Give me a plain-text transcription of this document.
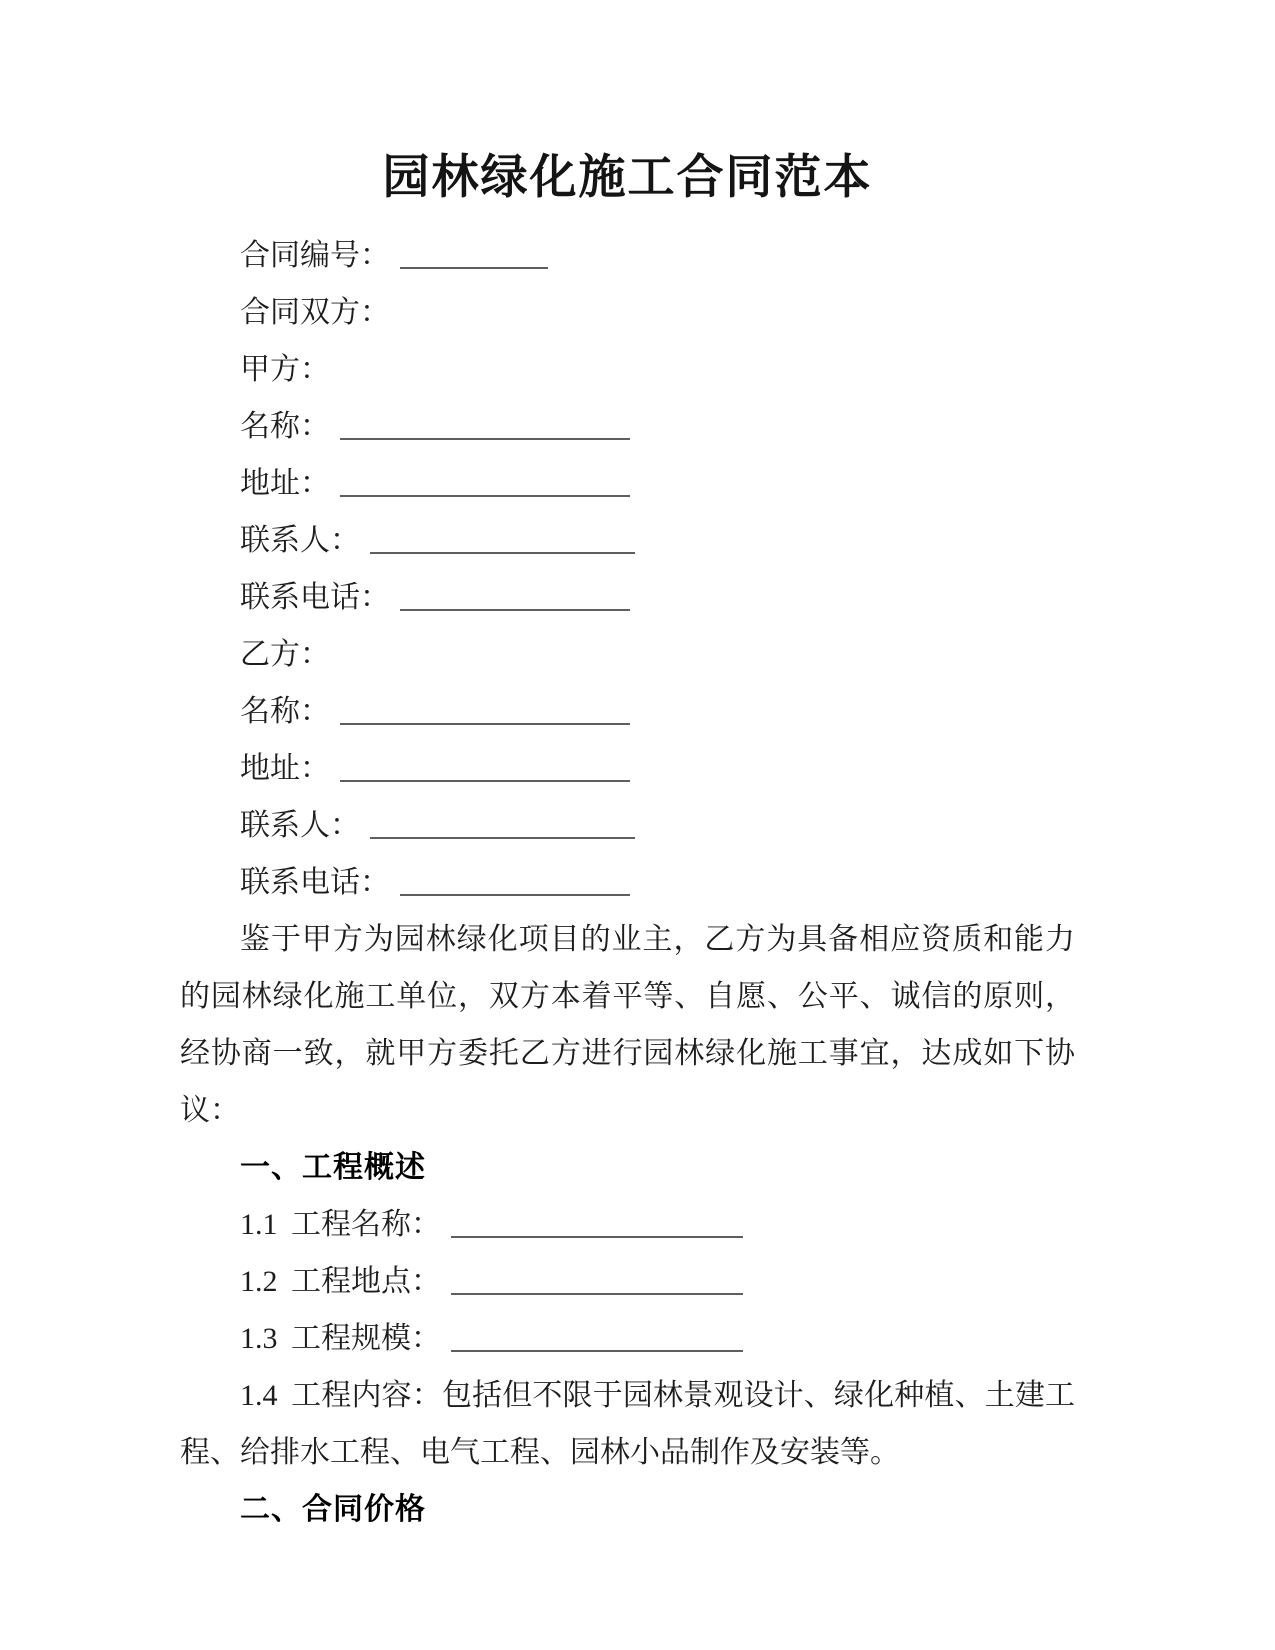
园林绿化施工合同范本

合同编号：

合同双方：

甲方：

名称：

地址：

联系人：

联系电话：

乙方：

名称：

地址：

联系人：

联系电话：

鉴于甲方为园林绿化项目的业主，乙方为具备相应资质和能力的园林绿化施工单位，双方本着平等、自愿、公平、诚信的原则，经协商一致，就甲方委托乙方进行园林绿化施工事宜，达成如下协议：

一、工程概述

1.1 工程名称：

1.2 工程地点：

1.3 工程规模：

1.4 工程内容：包括但不限于园林景观设计、绿化种植、土建工程、给排水工程、电气工程、园林小品制作及安装等。

二、合同价格
